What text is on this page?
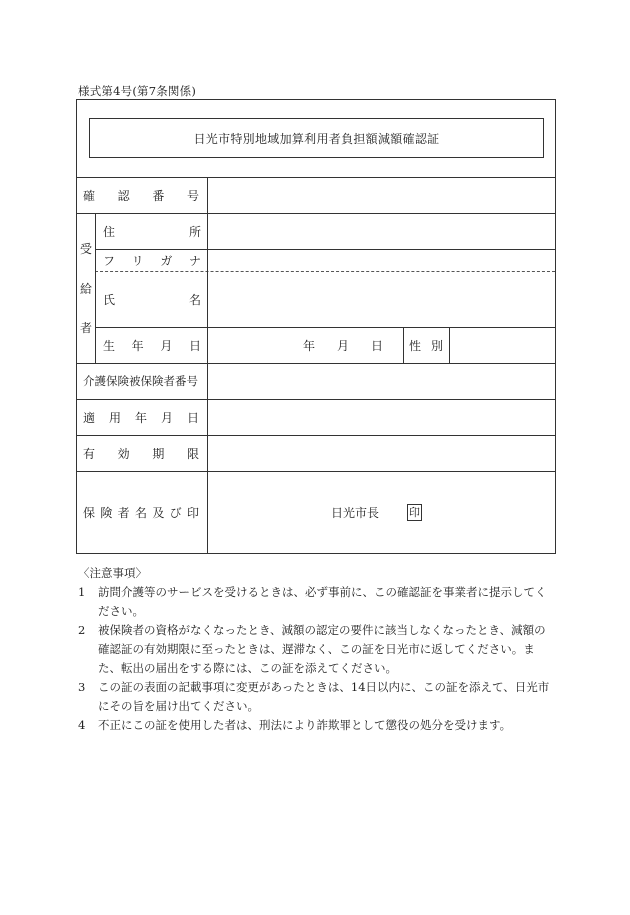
様式第4号(第7条関係)
日光市特別地域加算利用者負担額減額確認証
確 認 番 号
受
給
者
住	所
フ リ ガ ナ
氏	名
生 年 月 日	年 月 日 性 別
介護保険被保険者番号
適 用 年 月 日
有 効 期 限
保 険 者 名 及 び 印	日光市長	印
〈注意事項〉
1	訪問介護等のサービスを受けるときは、必ず事前に、この確認証を事業者に提示してください。
2	被保険者の資格がなくなったとき、減額の認定の要件に該当しなくなったとき、減額の確認証の有効期限に至ったときは、遅滞なく、この証を日光市に返してください。また、転出の届出をする際には、この証を添えてください。
3	この証の表面の記載事項に変更があったときは、14日以内に、この証を添えて、日光市にその旨を届け出てください。
4	不正にこの証を使用した者は、刑法により詐欺罪として懲役の処分を受けます。
